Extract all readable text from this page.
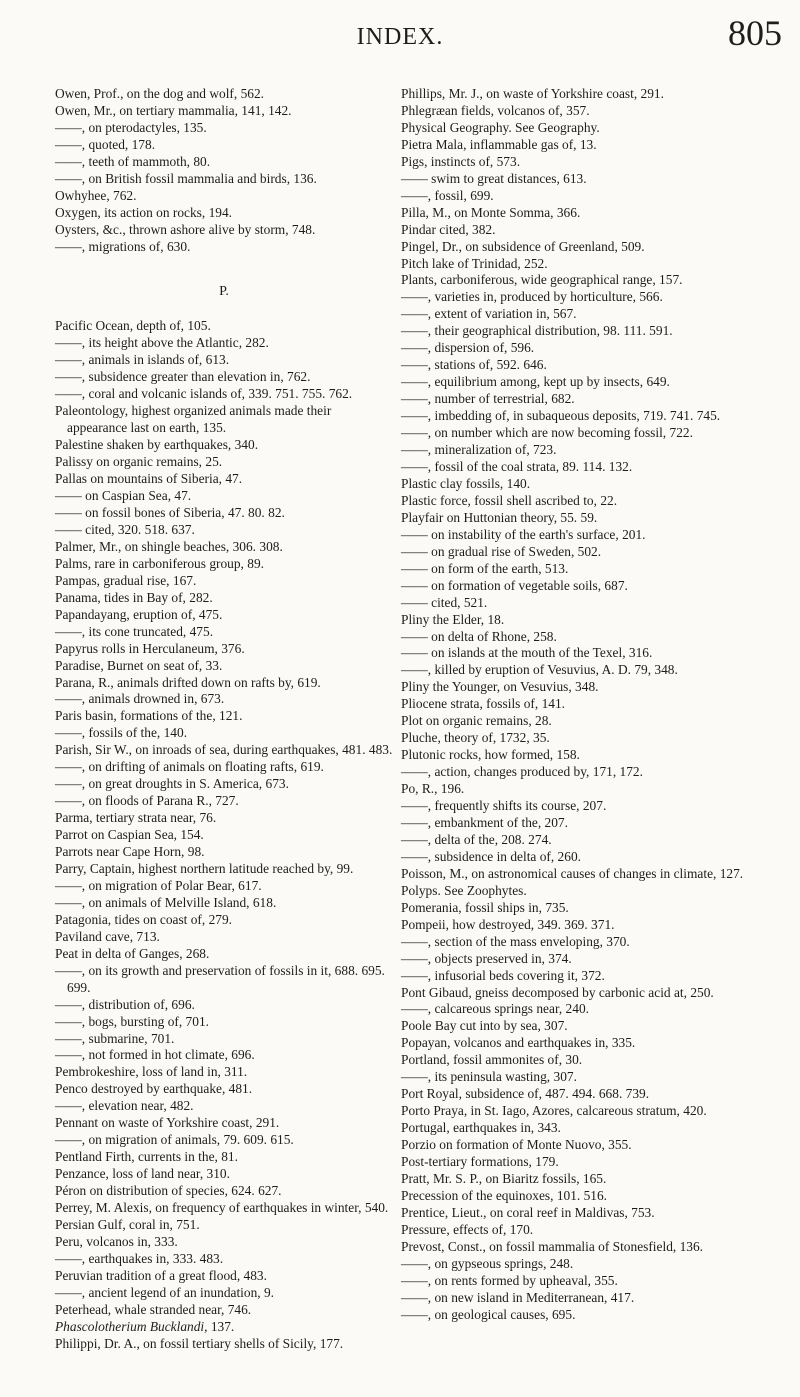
INDEX.	805
Owen, Prof., on the dog and wolf, 562.
Owen, Mr., on tertiary mammalia, 141, 142.
——, on pterodactyles, 135.
——, quoted, 178.
——, teeth of mammoth, 80.
——, on British fossil mammalia and birds, 136.
Owhyhee, 762.
Oxygen, its action on rocks, 194.
Oysters, &c., thrown ashore alive by storm, 748.
——, migrations of, 630.
P.
Pacific Ocean, depth of, 105.
——, its height above the Atlantic, 282.
——, animals in islands of, 613.
——, subsidence greater than elevation in, 762.
——, coral and volcanic islands of, 339. 751. 755. 762.
Paleontology, highest organized animals made their appearance last on earth, 135.
Palestine shaken by earthquakes, 340.
Palissy on organic remains, 25.
Pallas on mountains of Siberia, 47.
—— on Caspian Sea, 47.
—— on fossil bones of Siberia, 47. 80. 82.
—— cited, 320. 518. 637.
Palmer, Mr., on shingle beaches, 306. 308.
Palms, rare in carboniferous group, 89.
Pampas, gradual rise, 167.
Panama, tides in Bay of, 282.
Papandayang, eruption of, 475.
——, its cone truncated, 475.
Papyrus rolls in Herculaneum, 376.
Paradise, Burnet on seat of, 33.
Parana, R., animals drifted down on rafts by, 619.
——, animals drowned in, 673.
Paris basin, formations of the, 121.
——, fossils of the, 140.
Parish, Sir W., on inroads of sea, during earthquakes, 481. 483.
——, on drifting of animals on floating rafts, 619.
——, on great droughts in S. America, 673.
——, on floods of Parana R., 727.
Parma, tertiary strata near, 76.
Parrot on Caspian Sea, 154.
Parrots near Cape Horn, 98.
Parry, Captain, highest northern latitude reached by, 99.
——, on migration of Polar Bear, 617.
——, on animals of Melville Island, 618.
Patagonia, tides on coast of, 279.
Paviland cave, 713.
Peat in delta of Ganges, 268.
——, on its growth and preservation of fossils in it, 688. 695. 699.
——, distribution of, 696.
——, bogs, bursting of, 701.
——, submarine, 701.
——, not formed in hot climate, 696.
Pembrokeshire, loss of land in, 311.
Penco destroyed by earthquake, 481.
——, elevation near, 482.
Pennant on waste of Yorkshire coast, 291.
——, on migration of animals, 79. 609. 615.
Pentland Firth, currents in the, 81.
Penzance, loss of land near, 310.
Péron on distribution of species, 624. 627.
Perrey, M. Alexis, on frequency of earthquakes in winter, 540.
Persian Gulf, coral in, 751.
Peru, volcanos in, 333.
——, earthquakes in, 333. 483.
Peruvian tradition of a great flood, 483.
——, ancient legend of an inundation, 9.
Peterhead, whale stranded near, 746.
Phascolotherium Bucklandi, 137.
Philippi, Dr. A., on fossil tertiary shells of Sicily, 177.
Phillips, Mr. J., on waste of Yorkshire coast, 291.
Phlegræan fields, volcanos of, 357.
Physical Geography. See Geography.
Pietra Mala, inflammable gas of, 13.
Pigs, instincts of, 573.
—— swim to great distances, 613.
——, fossil, 699.
Pilla, M., on Monte Somma, 366.
Pindar cited, 382.
Pingel, Dr., on subsidence of Greenland, 509.
Pitch lake of Trinidad, 252.
Plants, carboniferous, wide geographical range, 157.
——, varieties in, produced by horticulture, 566.
——, extent of variation in, 567.
——, their geographical distribution, 98. 111. 591.
——, dispersion of, 596.
——, stations of, 592. 646.
——, equilibrium among, kept up by insects, 649.
——, number of terrestrial, 682.
——, imbedding of, in subaqueous deposits, 719. 741. 745.
——, on number which are now becoming fossil, 722.
——, mineralization of, 723.
——, fossil of the coal strata, 89. 114. 132.
Plastic clay fossils, 140.
Plastic force, fossil shell ascribed to, 22.
Playfair on Huttonian theory, 55. 59.
—— on instability of the earth's surface, 201.
—— on gradual rise of Sweden, 502.
—— on form of the earth, 513.
—— on formation of vegetable soils, 687.
—— cited, 521.
Pliny the Elder, 18.
—— on delta of Rhone, 258.
—— on islands at the mouth of the Texel, 316.
——, killed by eruption of Vesuvius, A. D. 79, 348.
Pliny the Younger, on Vesuvius, 348.
Pliocene strata, fossils of, 141.
Plot on organic remains, 28.
Pluche, theory of, 1732, 35.
Plutonic rocks, how formed, 158.
——, action, changes produced by, 171, 172.
Po, R., 196.
——, frequently shifts its course, 207.
——, embankment of the, 207.
——, delta of the, 208. 274.
——, subsidence in delta of, 260.
Poisson, M., on astronomical causes of changes in climate, 127.
Polyps. See Zoophytes.
Pomerania, fossil ships in, 735.
Pompeii, how destroyed, 349. 369. 371.
——, section of the mass enveloping, 370.
——, objects preserved in, 374.
——, infusorial beds covering it, 372.
Pont Gibaud, gneiss decomposed by carbonic acid at, 250.
——, calcareous springs near, 240.
Poole Bay cut into by sea, 307.
Popayan, volcanos and earthquakes in, 335.
Portland, fossil ammonites of, 30.
——, its peninsula wasting, 307.
Port Royal, subsidence of, 487. 494. 668. 739.
Porto Praya, in St. Iago, Azores, calcareous stratum, 420.
Portugal, earthquakes in, 343.
Porzio on formation of Monte Nuovo, 355.
Post-tertiary formations, 179.
Pratt, Mr. S. P., on Biaritz fossils, 165.
Precession of the equinoxes, 101. 516.
Prentice, Lieut., on coral reef in Maldivas, 753.
Pressure, effects of, 170.
Prevost, Const., on fossil mammalia of Stonesfield, 136.
——, on gypseous springs, 248.
——, on rents formed by upheaval, 355.
——, on new island in Mediterranean, 417.
——, on geological causes, 695.
